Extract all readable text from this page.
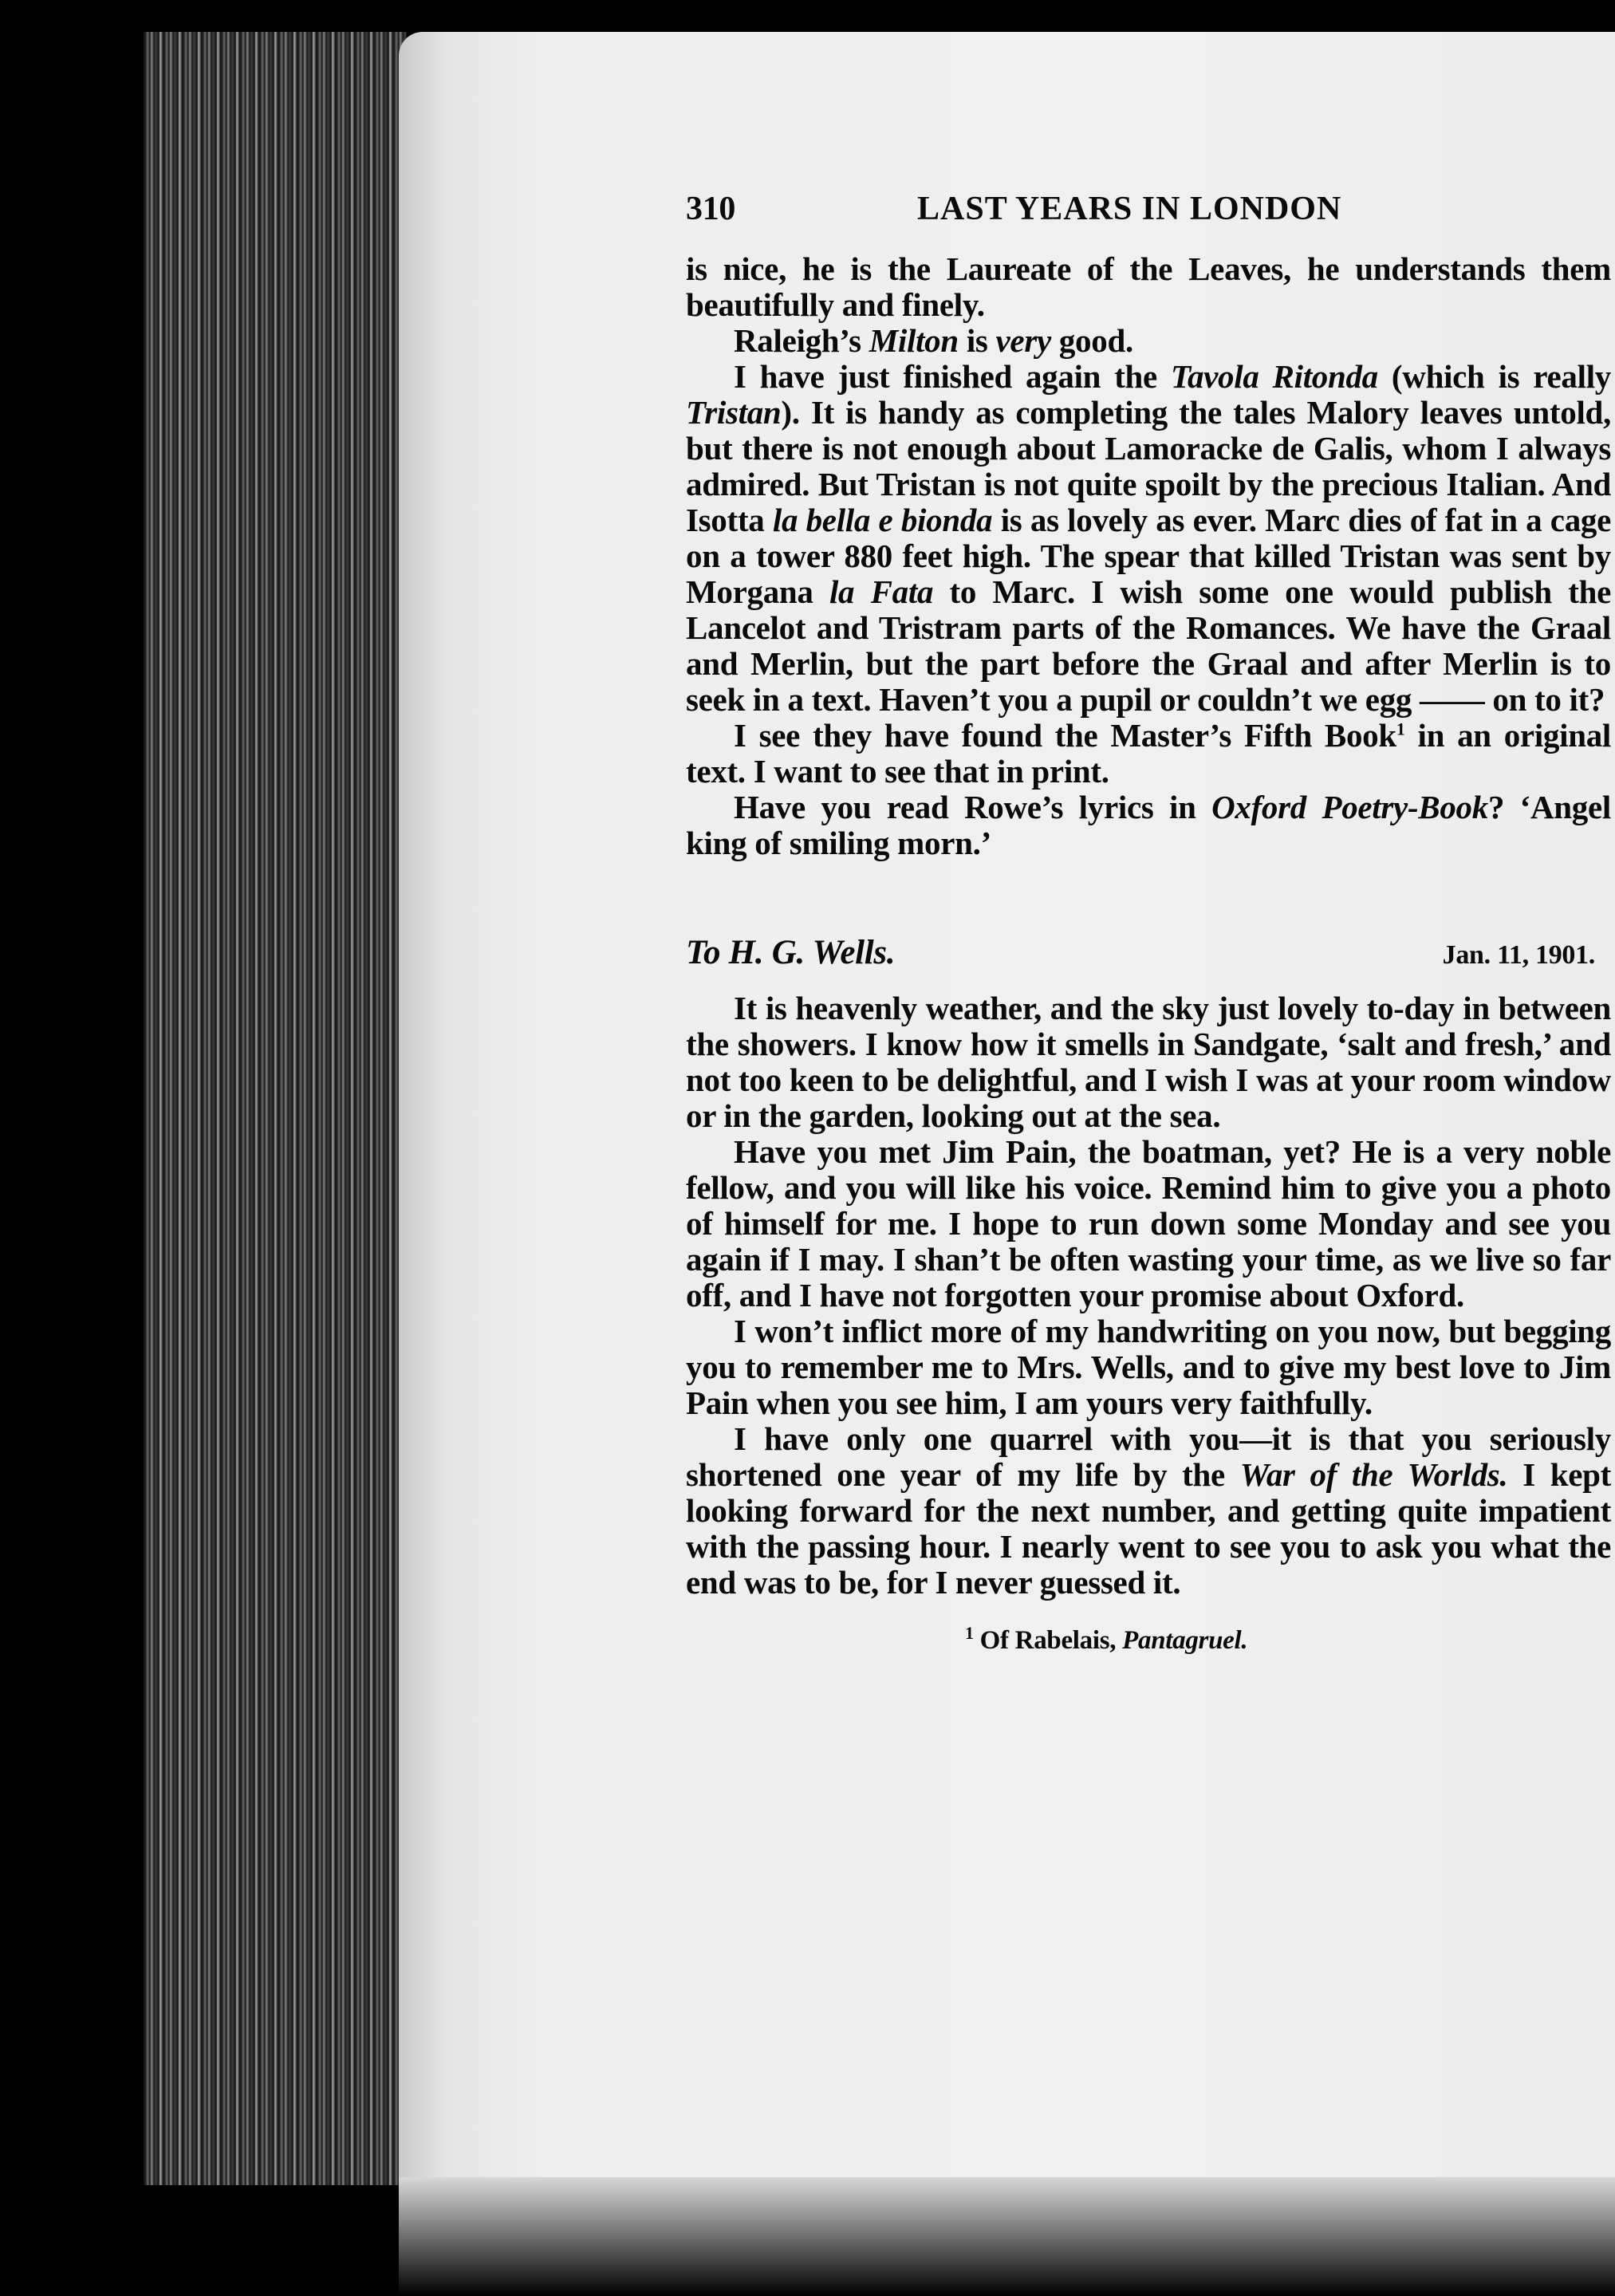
310	LAST YEARS IN LONDON

is nice, he is the Laureate of the Leaves, he understands them beautifully and finely.

Raleigh’s Milton is very good.

I have just finished again the Tavola Ritonda (which is really Tristan). It is handy as completing the tales Malory leaves untold, but there is not enough about Lamoracke de Galis, whom I always admired. But Tristan is not quite spoilt by the precious Italian. And Isotta la bella e bionda is as lovely as ever. Marc dies of fat in a cage on a tower 880 feet high. The spear that killed Tristan was sent by Morgana la Fata to Marc. I wish some one would publish the Lancelot and Tristram parts of the Romances. We have the Graal and Merlin, but the part before the Graal and after Merlin is to seek in a text. Haven’t you a pupil or couldn’t we egg —— on to it?

I see they have found the Master’s Fifth Book$^1$ in an original text. I want to see that in print.

Have you read Rowe’s lyrics in Oxford Poetry-Book? ‘Angel king of smiling morn.’

To H. G. Wells.	Jan. 11, 1901.

It is heavenly weather, and the sky just lovely to-day in between the showers. I know how it smells in Sandgate, ‘salt and fresh,’ and not too keen to be delightful, and I wish I was at your room window or in the garden, looking out at the sea.

Have you met Jim Pain, the boatman, yet? He is a very noble fellow, and you will like his voice. Remind him to give you a photo of himself for me. I hope to run down some Monday and see you again if I may. I shan’t be often wasting your time, as we live so far off, and I have not forgotten your promise about Oxford.

I won’t inflict more of my handwriting on you now, but begging you to remember me to Mrs. Wells, and to give my best love to Jim Pain when you see him, I am yours very faithfully.

I have only one quarrel with you—it is that you seriously shortened one year of my life by the War of the Worlds. I kept looking forward for the next number, and getting quite impatient with the passing hour. I nearly went to see you to ask you what the end was to be, for I never guessed it.

$^1$ Of Rabelais, Pantagruel.
